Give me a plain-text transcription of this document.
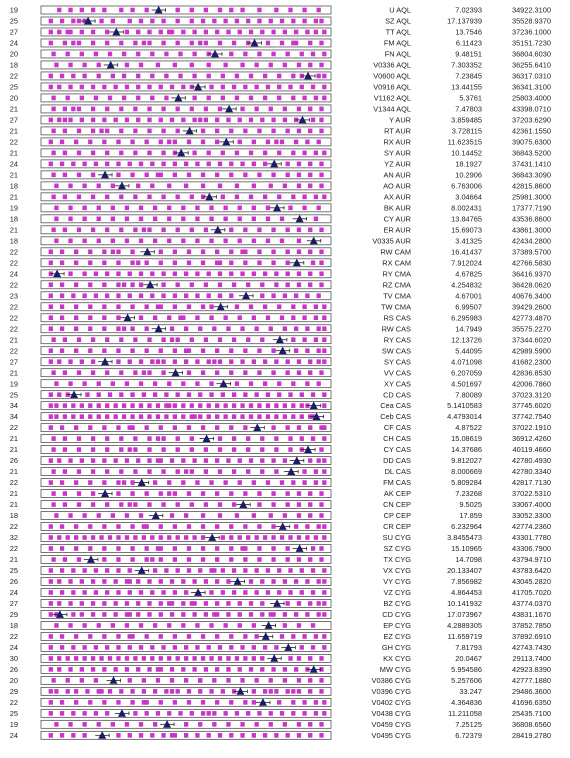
19	U AQL	7.02393	34922.3100
25	SZ AQL	17.137939	35528.9370
27	TT AQL	13.7546	37236.1000
24	FM AQL	6.11423	35151.7230
20	FN AQL	9.48151	36804.6030
18	V0336 AQL	7.303352	36255.6410
22	V0600 AQL	7.23845	36317.0310
25	V0916 AQL	13.44155	36341.3100
20	V1162 AQL	5.3761	25803.4000
21	V1344 AQL	7.47803	43398.0710
27	Y AUR	3.859485	37203.6290
21	RT AUR	3.728115	42361.1550
22	RX AUR	11.623515	39075.6300
21	SY AUR	10.14452	36843.5200
24	YZ AUR	18.1927	37431.1410
21	AN AUR	10.2906	36843.3090
18	AO AUR	6.763006	42815.8600
21	AX AUR	3.04664	25981.3000
19	BK AUR	8.002431	17377.7190
18	CY AUR	13.84765	43536.8600
21	ER AUR	15.69073	43861.3000
18	V0335 AUR	3.41325	42434.2800
22	RW CAM	16.41437	37389.5700
22	RX CAM	7.912024	42766.5830
24	RY CMA	4.67825	36416.9370
22	RZ CMA	4.254832	36428.0620
23	TV CMA	4.67001	40676.3400
22	TW CMA	6.99507	39429.2600
22	RS CAS	6.295983	42773.4870
22	RW CAS	14.7949	35575.2270
21	RY CAS	12.13726	37344.6020
22	SW CAS	5.44095	42989.5900
27	SY CAS	4.071098	41682.2300
21	VV CAS	6.207059	42836.8530
19	XY CAS	4.501697	42006.7860
25	CD CAS	7.80089	37023.3120
34	Cea CAS	5.1410583	37745.6020
34	Ceb CAS	4.4793014	37742.7540
22	CF CAS	4.87522	37022.1910
21	CH CAS	15.08619	36912.4260
21	CY CAS	14.37686	40119.4660
26	DD CAS	9.812027	42780.4930
21	DL CAS	8.000669	42780.3340
22	FM CAS	5.809284	42817.7130
21	AK CEP	7.23268	37022.5310
21	CN CEP	9.5025	33067.4000
18	CP CEP	17.859	33052.3300
22	CR CEP	6.232964	42774.2360
32	SU CYG	3.8455473	43301.7780
22	SZ CYG	15.10965	43306.7900
21	TX CYG	14.7098	43794.9710
25	VX CYG	20.133407	43783.6420
26	VY CYG	7.856982	43045.2820
24	VZ CYG	4.864453	41705.7020
27	BZ CYG	10.141932	43774.0370
29	CD CYG	17.073967	43831.1670
18	EP CYG	4.2889305	37852.7850
22	EZ CYG	11.659719	37892.6910
24	GH CYG	7.81793	42743.7430
30	KX CYG	20.0467	29113.7400
26	MW CYG	5.954586	42923.8390
20	V0386 CYG	5.257606	42777.1880
29	V0396 CYG	33.247	29486.3600
22	V0402 CYG	4.364836	41696.6350
25	V0438 CYG	11.211058	25435.7100
19	V0459 CYG	7.25125	36808.6560
24	V0495 CYG	6.72379	28419.2780
